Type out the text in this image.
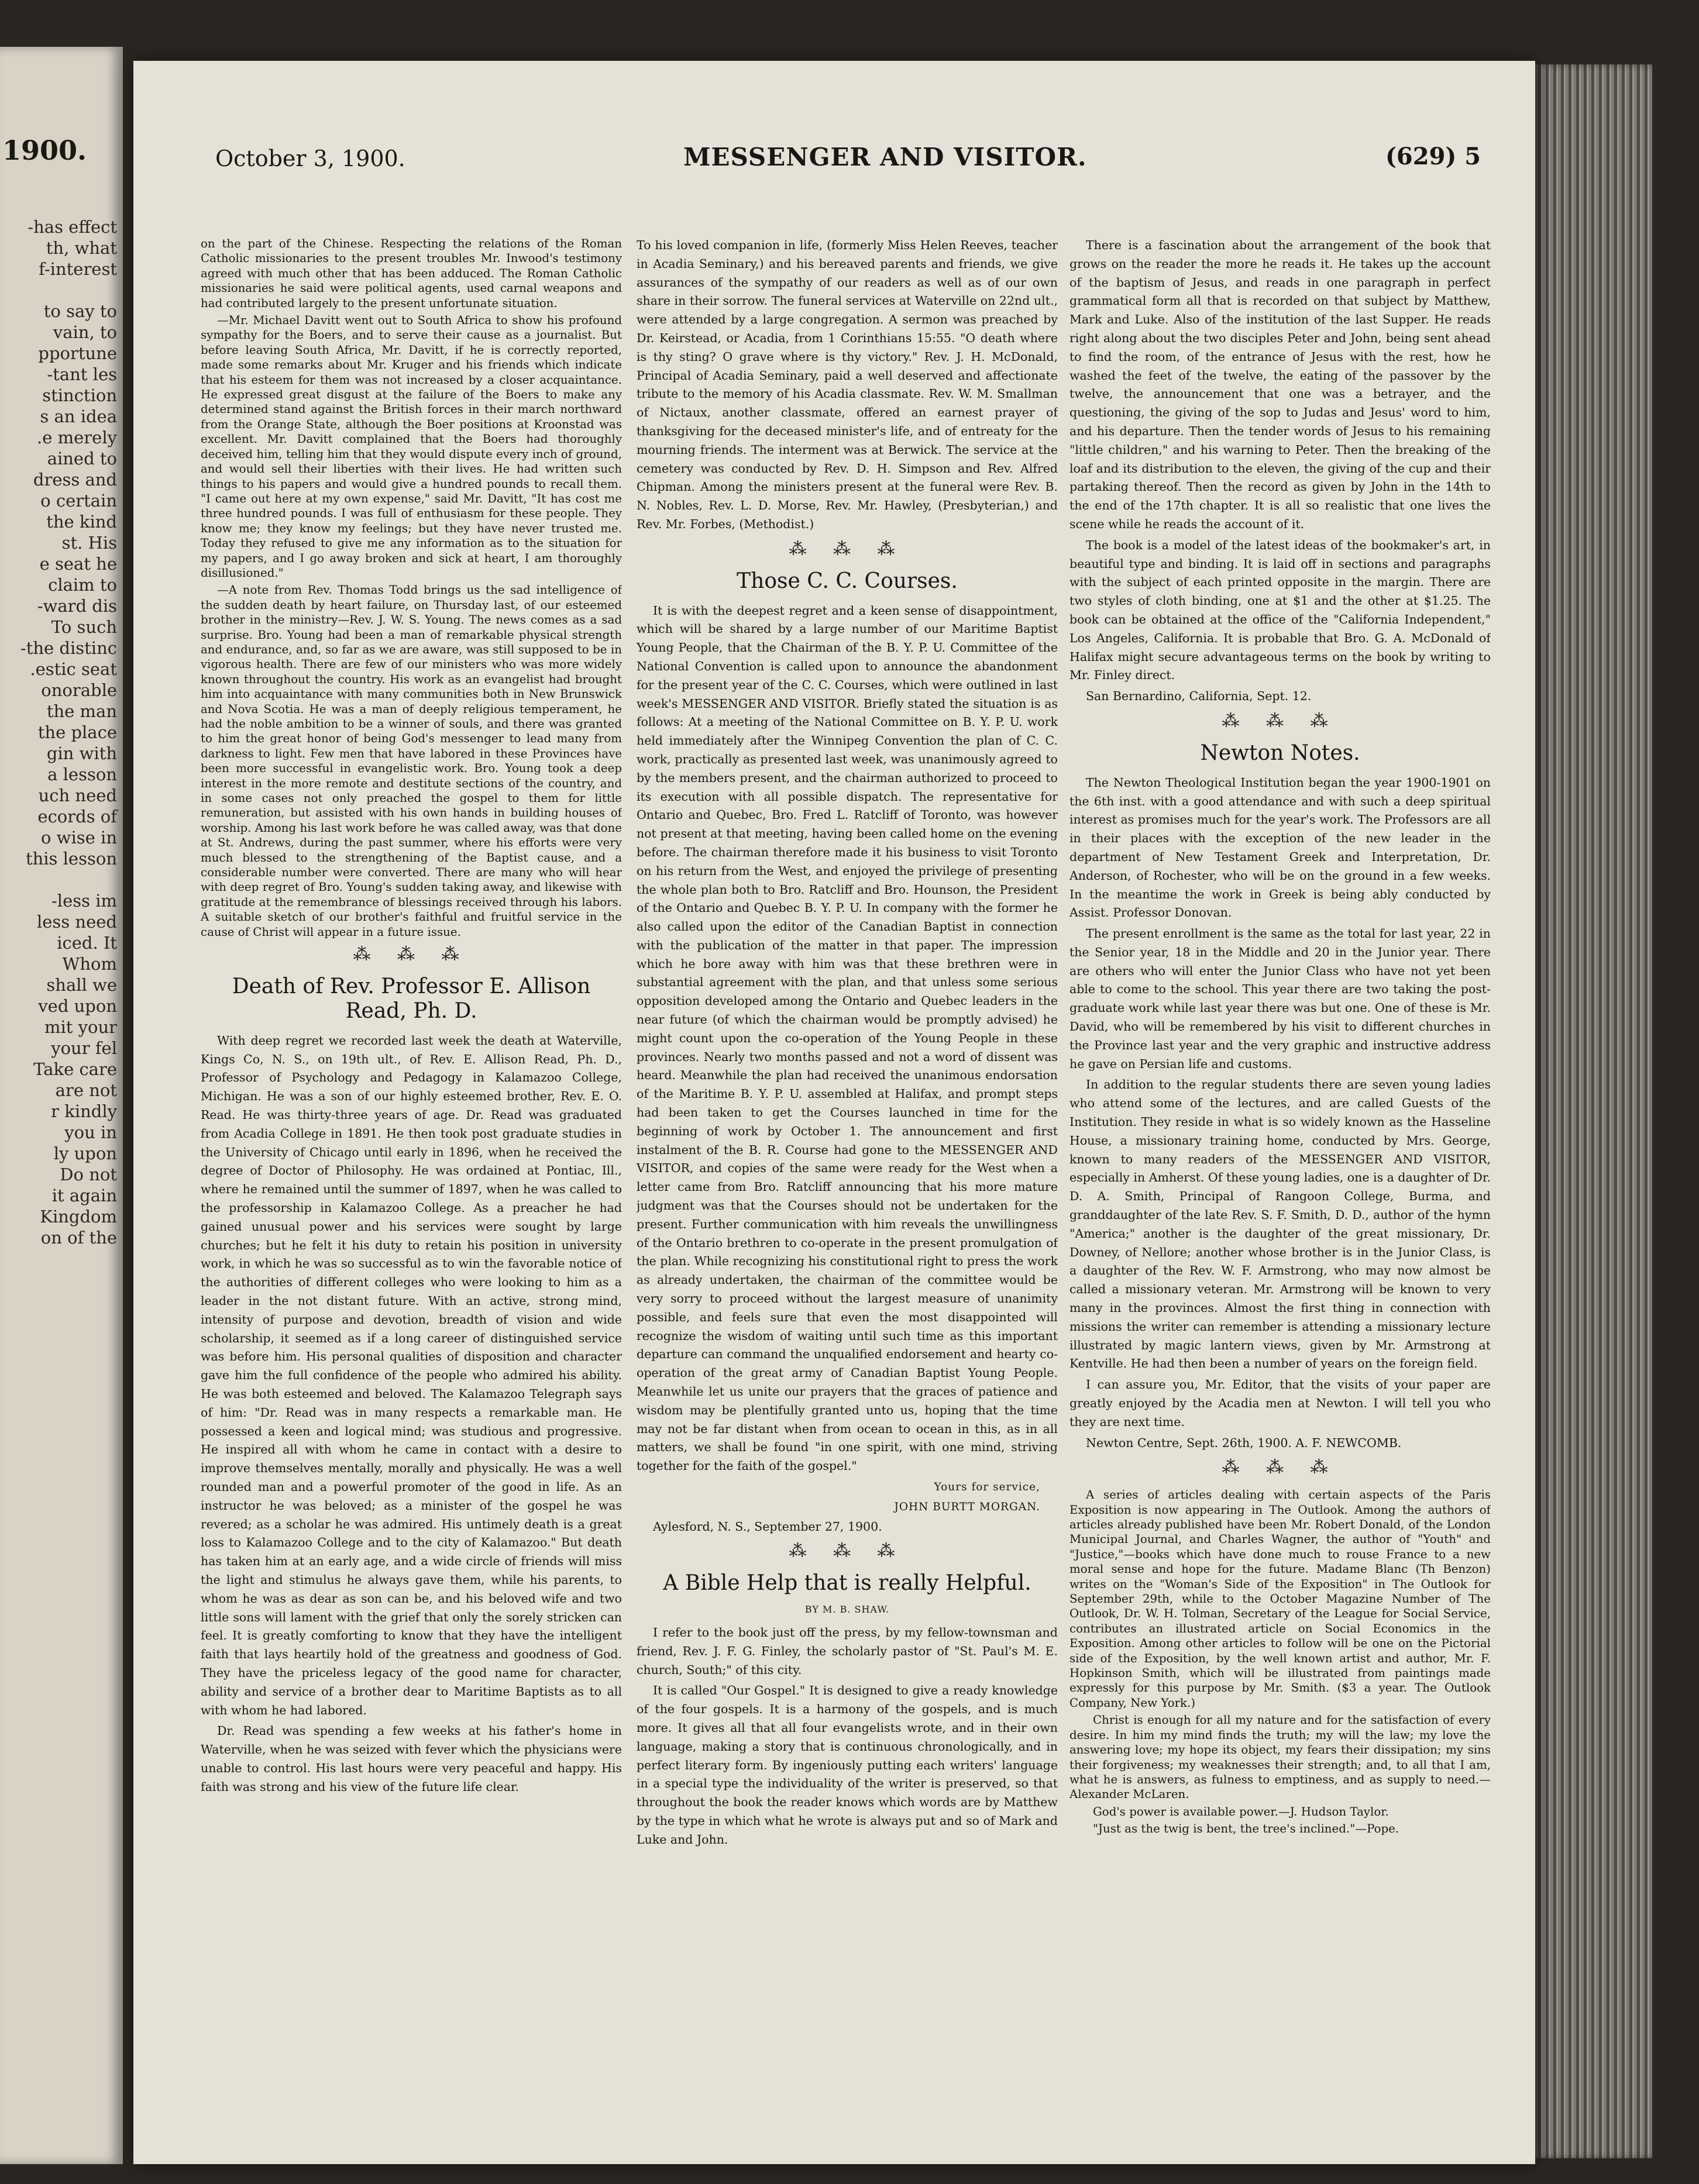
1900.
has effect-
th, what
f-interest

to say to
vain, to
pportune
tant les-
stinction
s an idea
e merely.
ained to
dress and
o certain
the kind
st. His
e seat he
claim to
ward dis-
To such
the distinc-
estic seat.
onorable
the man
the place
gin with
a lesson
uch need
ecords of
o wise in
this lesson

less im-
less need
iced. It
Whom
shall we
ved upon
mit your
your fel
Take care
are not
r kindly
you in
ly upon
Do not
it again
Kingdom
on of the
October 3, 1900.	MESSENGER AND VISITOR.	(629) 5

on the part of the Chinese. Respecting the relations of the Roman Catholic missionaries to the present troubles Mr. Inwood's testimony agreed with much other that has been adduced. The Roman Catholic missionaries he said were political agents, used carnal weapons and had contributed largely to the present unfortunate situation.

—Mr. Michael Davitt went out to South Africa to show his profound sympathy for the Boers, and to serve their cause as a journalist. But before leaving South Africa, Mr. Davitt, if he is correctly reported, made some remarks about Mr. Kruger and his friends which indicate that his esteem for them was not increased by a closer acquaintance. He expressed great disgust at the failure of the Boers to make any determined stand against the British forces in their march northward from the Orange State, although the Boer positions at Kroonstad was excellent. Mr. Davitt complained that the Boers had thoroughly deceived him, telling him that they would dispute every inch of ground, and would sell their liberties with their lives. He had written such things to his papers and would give a hundred pounds to recall them. "I came out here at my own expense," said Mr. Davitt, "It has cost me three hundred pounds. I was full of enthusiasm for these people. They know me; they know my feelings; but they have never trusted me. Today they refused to give me any information as to the situation for my papers, and I go away broken and sick at heart, I am thoroughly disillusioned."

—A note from Rev. Thomas Todd brings us the sad intelligence of the sudden death by heart failure, on Thursday last, of our esteemed brother in the ministry—Rev. J. W. S. Young. The news comes as a sad surprise. Bro. Young had been a man of remarkable physical strength and endurance, and, so far as we are aware, was still supposed to be in vigorous health. There are few of our ministers who was more widely known throughout the country. His work as an evangelist had brought him into acquaintance with many communities both in New Brunswick and Nova Scotia. He was a man of deeply religious temperament, he had the noble ambition to be a winner of souls, and there was granted to him the great honor of being God's messenger to lead many from darkness to light. Few men that have labored in these Provinces have been more successful in evangelistic work. Bro. Young took a deep interest in the more remote and destitute sections of the country, and in some cases not only preached the gospel to them for little remuneration, but assisted with his own hands in building houses of worship. Among his last work before he was called away, was that done at St. Andrews, during the past summer, where his efforts were very much blessed to the strengthening of the Baptist cause, and a considerable number were converted. There are many who will hear with deep regret of Bro. Young's sudden taking away, and likewise with gratitude at the remembrance of blessings received through his labors. A suitable sketch of our brother's faithful and fruitful service in the cause of Christ will appear in a future issue.

⁂ ⁂ ⁂
Death of Rev. Professor E. Allison Read, Ph. D.

With deep regret we recorded last week the death at Waterville, Kings Co, N. S., on 19th ult., of Rev. E. Allison Read, Ph. D., Professor of Psychology and Pedagogy in Kalamazoo College, Michigan. He was a son of our highly esteemed brother, Rev. E. O. Read. He was thirty-three years of age. Dr. Read was graduated from Acadia College in 1891. He then took post graduate studies in the University of Chicago until early in 1896, when he received the degree of Doctor of Philosophy. He was ordained at Pontiac, Ill., where he remained until the summer of 1897, when he was called to the professorship in Kalamazoo College. As a preacher he had gained unusual power and his services were sought by large churches; but he felt it his duty to retain his position in university work, in which he was so successful as to win the favorable notice of the authorities of different colleges who were looking to him as a leader in the not distant future. With an active, strong mind, intensity of purpose and devotion, breadth of vision and wide scholarship, it seemed as if a long career of distinguished service was before him. His personal qualities of disposition and character gave him the full confidence of the people who admired his ability. He was both esteemed and beloved. The Kalamazoo Telegraph says of him: "Dr. Read was in many respects a remarkable man. He possessed a keen and logical mind; was studious and progressive. He inspired all with whom he came in contact with a desire to improve themselves mentally, morally and physically. He was a well rounded man and a powerful promoter of the good in life. As an instructor he was beloved; as a minister of the gospel he was revered; as a scholar he was admired. His untimely death is a great loss to Kalamazoo College and to the city of Kalamazoo." But death has taken him at an early age, and a wide circle of friends will miss the light and stimulus he always gave them, while his parents, to whom he was as dear as son can be, and his beloved wife and two little sons will lament with the grief that only the sorely stricken can feel. It is greatly comforting to know that they have the intelligent faith that lays heartily hold of the greatness and goodness of God. They have the priceless legacy of the good name for character, ability and service of a brother dear to Maritime Baptists as to all with whom he had labored.

Dr. Read was spending a few weeks at his father's home in Waterville, when he was seized with fever which the physicians were unable to control. His last hours were very peaceful and happy. His faith was strong and his view of the future life clear.

To his loved companion in life, (formerly Miss Helen Reeves, teacher in Acadia Seminary,) and his bereaved parents and friends, we give assurances of the sympathy of our readers as well as of our own share in their sorrow. The funeral services at Waterville on 22nd ult., were attended by a large congregation. A sermon was preached by Dr. Keirstead, or Acadia, from 1 Corinthians 15:55. "O death where is thy sting? O grave where is thy victory." Rev. J. H. McDonald, Principal of Acadia Seminary, paid a well deserved and affectionate tribute to the memory of his Acadia classmate. Rev. W. M. Smallman of Nictaux, another classmate, offered an earnest prayer of thanksgiving for the deceased minister's life, and of entreaty for the mourning friends. The interment was at Berwick. The service at the cemetery was conducted by Rev. D. H. Simpson and Rev. Alfred Chipman. Among the ministers present at the funeral were Rev. B. N. Nobles, Rev. L. D. Morse, Rev. Mr. Hawley, (Presbyterian,) and Rev. Mr. Forbes, (Methodist.)

⁂ ⁂ ⁂
Those C. C. Courses.

It is with the deepest regret and a keen sense of disappointment, which will be shared by a large number of our Maritime Baptist Young People, that the Chairman of the B. Y. P. U. Committee of the National Convention is called upon to announce the abandonment for the present year of the C. C. Courses, which were outlined in last week's MESSENGER AND VISITOR. Briefly stated the situation is as follows: At a meeting of the National Committee on B. Y. P. U. work held immediately after the Winnipeg Convention the plan of C. C. work, practically as presented last week, was unanimously agreed to by the members present, and the chairman authorized to proceed to its execution with all possible dispatch. The representative for Ontario and Quebec, Bro. Fred L. Ratcliff of Toronto, was however not present at that meeting, having been called home on the evening before. The chairman therefore made it his business to visit Toronto on his return from the West, and enjoyed the privilege of presenting the whole plan both to Bro. Ratcliff and Bro. Hounson, the President of the Ontario and Quebec B. Y. P. U. In company with the former he also called upon the editor of the Canadian Baptist in connection with the publication of the matter in that paper. The impression which he bore away with him was that these brethren were in substantial agreement with the plan, and that unless some serious opposition developed among the Ontario and Quebec leaders in the near future (of which the chairman would be promptly advised) he might count upon the co-operation of the Young People in these provinces. Nearly two months passed and not a word of dissent was heard. Meanwhile the plan had received the unanimous endorsation of the Maritime B. Y. P. U. assembled at Halifax, and prompt steps had been taken to get the Courses launched in time for the beginning of work by October 1. The announcement and first instalment of the B. R. Course had gone to the MESSENGER AND VISITOR, and copies of the same were ready for the West when a letter came from Bro. Ratcliff announcing that his more mature judgment was that the Courses should not be undertaken for the present. Further communication with him reveals the unwillingness of the Ontario brethren to co-operate in the present promulgation of the plan. While recognizing his constitutional right to press the work as already undertaken, the chairman of the committee would be very sorry to proceed without the largest measure of unanimity possible, and feels sure that even the most disappointed will recognize the wisdom of waiting until such time as this important departure can command the unqualified endorsement and hearty co-operation of the great army of Canadian Baptist Young People. Meanwhile let us unite our prayers that the graces of patience and wisdom may be plentifully granted unto us, hoping that the time may not be far distant when from ocean to ocean in this, as in all matters, we shall be found "in one spirit, with one mind, striving together for the faith of the gospel."

Yours for service,
JOHN BURTT MORGAN.
Aylesford, N. S., September 27, 1900.
⁂ ⁂ ⁂
A Bible Help that is really Helpful.
BY M. B. SHAW.

I refer to the book just off the press, by my fellow-townsman and friend, Rev. J. F. G. Finley, the scholarly pastor of "St. Paul's M. E. church, South;" of this city.

It is called "Our Gospel." It is designed to give a ready knowledge of the four gospels. It is a harmony of the gospels, and is much more. It gives all that all four evangelists wrote, and in their own language, making a story that is continuous chronologically, and in perfect literary form. By ingeniously putting each writers' language in a special type the individuality of the writer is preserved, so that throughout the book the reader knows which words are by Matthew by the type in which what he wrote is always put and so of Mark and Luke and John.

There is a fascination about the arrangement of the book that grows on the reader the more he reads it. He takes up the account of the baptism of Jesus, and reads in one paragraph in perfect grammatical form all that is recorded on that subject by Matthew, Mark and Luke. Also of the institution of the last Supper. He reads right along about the two disciples Peter and John, being sent ahead to find the room, of the entrance of Jesus with the rest, how he washed the feet of the twelve, the eating of the passover by the twelve, the announcement that one was a betrayer, and the questioning, the giving of the sop to Judas and Jesus' word to him, and his departure. Then the tender words of Jesus to his remaining "little children," and his warning to Peter. Then the breaking of the loaf and its distribution to the eleven, the giving of the cup and their partaking thereof. Then the record as given by John in the 14th to the end of the 17th chapter. It is all so realistic that one lives the scene while he reads the account of it.

The book is a model of the latest ideas of the bookmaker's art, in beautiful type and binding. It is laid off in sections and paragraphs with the subject of each printed opposite in the margin. There are two styles of cloth binding, one at $1 and the other at $1.25. The book can be obtained at the office of the "California Independent," Los Angeles, California. It is probable that Bro. G. A. McDonald of Halifax might secure advantageous terms on the book by writing to Mr. Finley direct.

San Bernardino, California, Sept. 12.
⁂ ⁂ ⁂
Newton Notes.

The Newton Theological Institution began the year 1900-1901 on the 6th inst. with a good attendance and with such a deep spiritual interest as promises much for the year's work. The Professors are all in their places with the exception of the new leader in the department of New Testament Greek and Interpretation, Dr. Anderson, of Rochester, who will be on the ground in a few weeks. In the meantime the work in Greek is being ably conducted by Assist. Professor Donovan.

The present enrollment is the same as the total for last year, 22 in the Senior year, 18 in the Middle and 20 in the Junior year. There are others who will enter the Junior Class who have not yet been able to come to the school. This year there are two taking the post-graduate work while last year there was but one. One of these is Mr. David, who will be remembered by his visit to different churches in the Province last year and the very graphic and instructive address he gave on Persian life and customs.

In addition to the regular students there are seven young ladies who attend some of the lectures, and are called Guests of the Institution. They reside in what is so widely known as the Hasseline House, a missionary training home, conducted by Mrs. George, known to many readers of the MESSENGER AND VISITOR, especially in Amherst. Of these young ladies, one is a daughter of Dr. D. A. Smith, Principal of Rangoon College, Burma, and granddaughter of the late Rev. S. F. Smith, D. D., author of the hymn "America;" another is the daughter of the great missionary, Dr. Downey, of Nellore; another whose brother is in the Junior Class, is a daughter of the Rev. W. F. Armstrong, who may now almost be called a missionary veteran. Mr. Armstrong will be known to very many in the provinces. Almost the first thing in connection with missions the writer can remember is attending a missionary lecture illustrated by magic lantern views, given by Mr. Armstrong at Kentville. He had then been a number of years on the foreign field.

I can assure you, Mr. Editor, that the visits of your paper are greatly enjoyed by the Acadia men at Newton. I will tell you who they are next time.

Newton Centre, Sept. 26th, 1900. A. F. NEWCOMB.
⁂ ⁂ ⁂

A series of articles dealing with certain aspects of the Paris Exposition is now appearing in The Outlook. Among the authors of articles already published have been Mr. Robert Donald, of the London Municipal Journal, and Charles Wagner, the author of "Youth" and "Justice,"—books which have done much to rouse France to a new moral sense and hope for the future. Madame Blanc (Th Benzon) writes on the "Woman's Side of the Exposition" in The Outlook for September 29th, while to the October Magazine Number of The Outlook, Dr. W. H. Tolman, Secretary of the League for Social Service, contributes an illustrated article on Social Economics in the Exposition. Among other articles to follow will be one on the Pictorial side of the Exposition, by the well known artist and author, Mr. F. Hopkinson Smith, which will be illustrated from paintings made expressly for this purpose by Mr. Smith. ($3 a year. The Outlook Company, New York.)

Christ is enough for all my nature and for the satisfaction of every desire. In him my mind finds the truth; my will the law; my love the answering love; my hope its object, my fears their dissipation; my sins their forgiveness; my weaknesses their strength; and, to all that I am, what he is answers, as fulness to emptiness, and as supply to need.—Alexander McLaren.

God's power is available power.—J. Hudson Taylor.

"Just as the twig is bent, the tree's inclined."—Pope.
